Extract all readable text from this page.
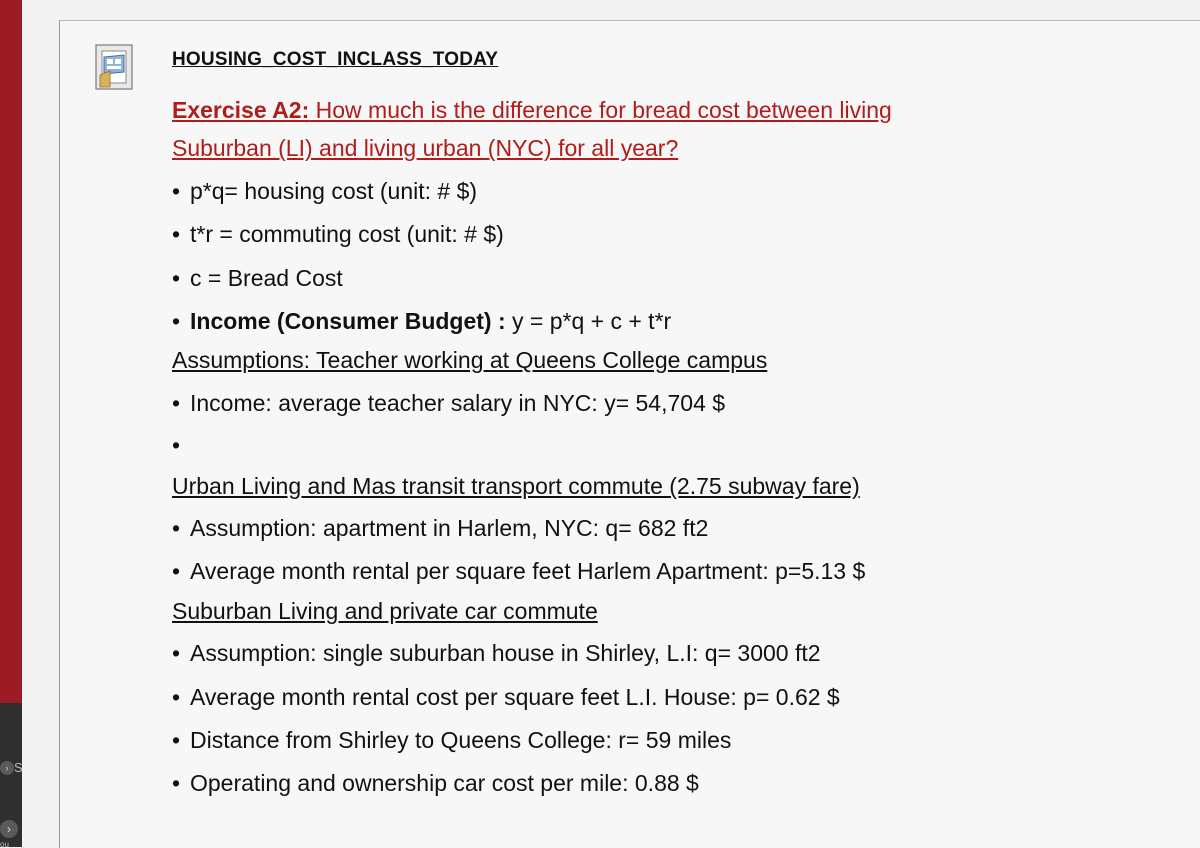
› S
›
ou
HOUSING_COST_INCLASS_TODAY
Exercise A2: How much is the difference for bread cost between living
Suburban (LI) and living urban (NYC) for all year?
• p*q= housing cost (unit: # $)
• t*r = commuting cost (unit: # $)
• c = Bread Cost
• Income (Consumer Budget) : y = p*q + c + t*r
Assumptions: Teacher working at Queens College campus
• Income: average teacher salary in NYC: y= 54,704 $
•
Urban Living and Mas transit transport commute (2.75 subway fare)
• Assumption: apartment in Harlem, NYC: q= 682 ft2
• Average month rental per square feet Harlem Apartment: p=5.13 $
Suburban Living and private car commute
• Assumption: single suburban house in Shirley, L.I: q= 3000 ft2
• Average month rental cost per square feet L.I. House: p= 0.62 $
• Distance from Shirley to Queens College: r= 59 miles
• Operating and ownership car cost per mile: 0.88 $
